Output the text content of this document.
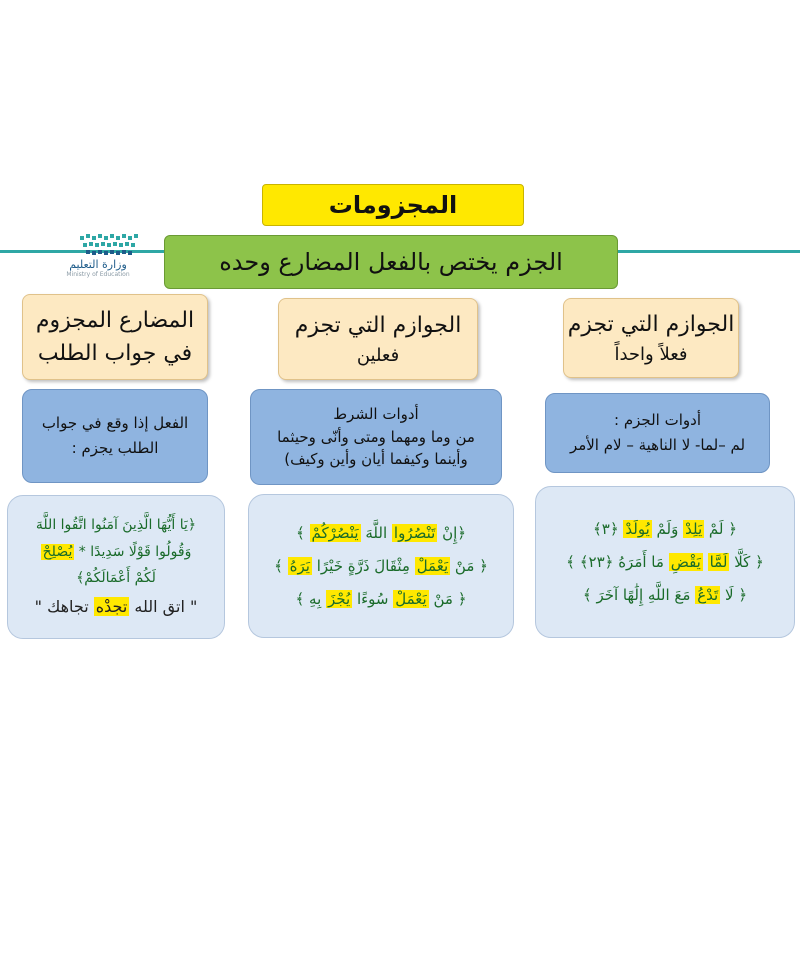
وزارة التعليم
Ministry of Education
المجزومات
الجزم يختص بالفعل المضارع وحده
الجوازم التي تجزم
فعلاً واحداً
أدوات الجزم :
لم –لما- لا الناهية – لام الأمر
﴿ لَمْ يَلِدْ وَلَمْ يُولَدْ ﴿٣﴾
﴿ كَلَّا لَمَّا يَقْضِ مَا أَمَرَهُ ﴿٢٣﴾ ﴾
﴿ لَا تَدْعُ مَعَ اللَّهِ إِلَٰهًا آخَرَ ﴾
الجوازم التي تجزم
فعلين
أدوات الشرط
من وما ومهما ومتى وأنّى وحيثما
وأينما وكيفما أيان وأين وكيف)
﴿إِنْ تَنْصُرُوا اللَّهَ يَنْصُرْكُمْ ﴾
﴿ مَنْ يَعْمَلْ مِثْقَالَ ذَرَّةٍ خَيْرًا يَرَهُ ﴾
﴿ مَنْ يَعْمَلْ سُوءًا يُجْزَ بِهِ ﴾
المضارع المجزوم
في جواب الطلب
الفعل إذا وقع في جواب
الطلب يجزم :
﴿يَا أَيُّهَا الَّذِينَ آمَنُوا اتَّقُوا اللَّهَ
وَقُولُوا قَوْلًا سَدِيدًا * يُصْلِحْ
لَكُمْ أَعْمَالَكُمْ﴾
" اتق الله تجدْه تجاهك "
